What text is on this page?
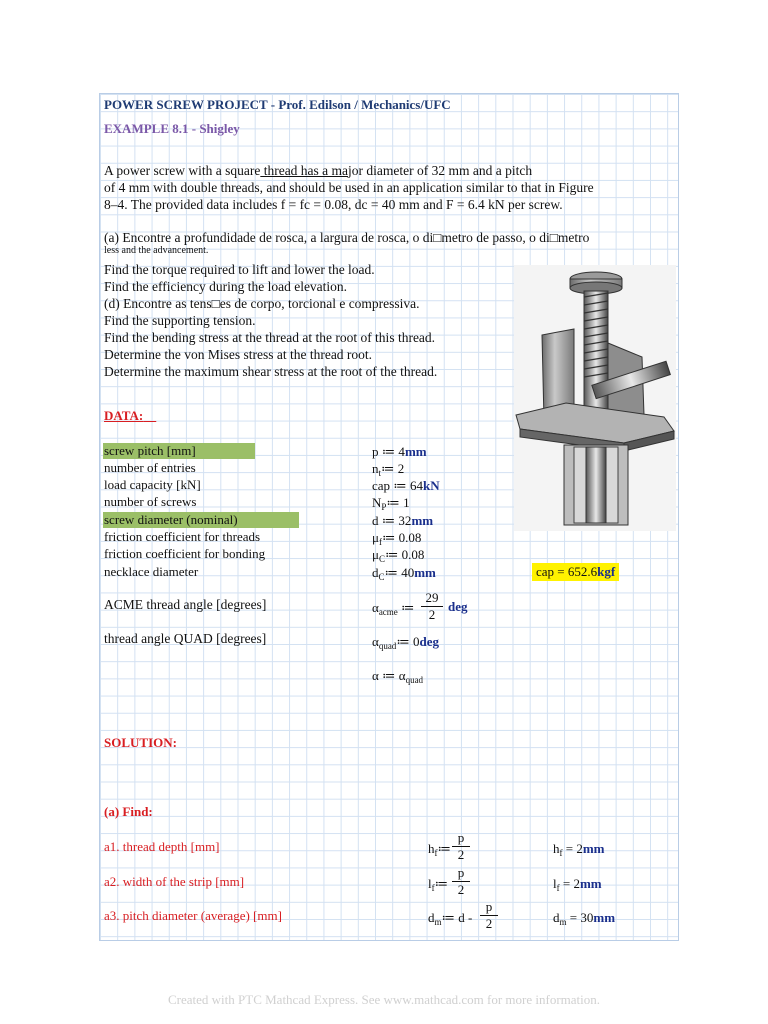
POWER SCREW PROJECT - Prof. Edilson / Mechanics/UFC
EXAMPLE 8.1 - Shigley
A power screw with a square thread has a major diameter of 32 mm and a pitch
of 4 mm with double threads, and should be used in an application similar to that in Figure
8–4. The provided data includes f = fc = 0.08, dc = 40 mm and F = 6.4 kN per screw.
(a) Encontre a profundidade de rosca, a largura de rosca, o di□metro de passo, o di□metro
less and the advancement.
Find the torque required to lift and lower the load.
Find the efficiency during the load elevation.
(d) Encontre as tens□es de corpo, torcional e compressiva.
Find the supporting tension.
Find the bending stress at the thread at the root of this thread.
Determine the von Mises stress at the thread root.
Determine the maximum shear stress at the root of the thread.
DATA:
screw pitch [mm]	p ≔ 4mm
number of entries	$n_t≔$ 2
load capacity [kN]	cap ≔ 64kN
number of screws	$N_P≔$ 1
screw diameter (nominal)	d ≔ 32mm
friction coefficient for threads	$\mu_f≔$ 0.08
friction coefficient for bonding	$\mu_C≔$ 0.08
necklace diameter	$d_C≔$ 40mm	cap = 652.6kgf
ACME thread angle [degrees]	$\alpha_{acme}$ ≔
29
2
deg
thread angle QUAD [degrees]	$\alpha_{quad}≔$ 0deg
α ≔ $\alpha_{quad}$
SOLUTION:
(a) Find:
a1. thread depth [mm]	$h_f≔$
p
2	$h_f = 2mm$
a2. width of the strip [mm]	$l_f≔$
p
2	$l_f = 2mm$
a3. pitch diameter (average) [mm]	$d_m≔$ d -
p
2	$d_m = 30mm$
Created with PTC Mathcad Express. See www.mathcad.com for more information.
